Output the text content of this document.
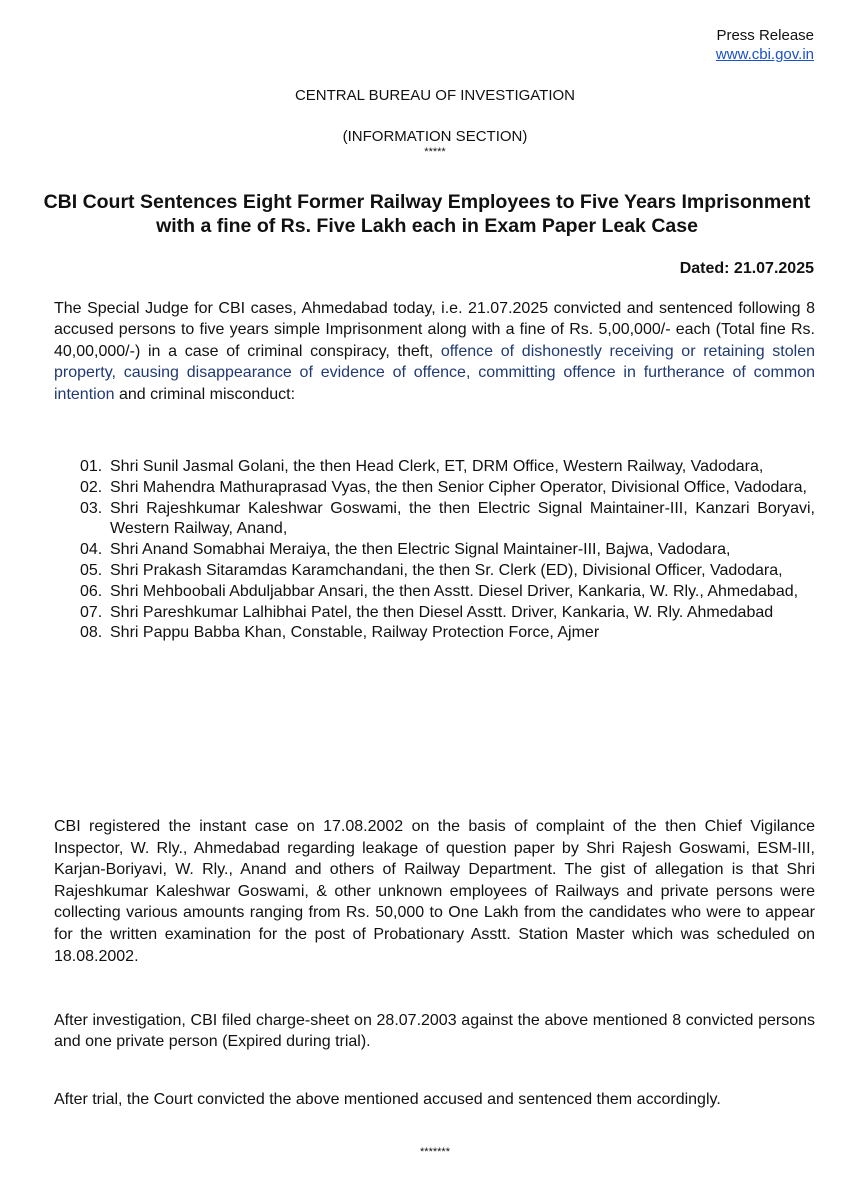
Press Release
www.cbi.gov.in
CENTRAL BUREAU OF INVESTIGATION
(INFORMATION SECTION)
*****
CBI Court Sentences Eight Former Railway Employees to Five Years Imprisonment with a fine of Rs. Five Lakh each in Exam Paper Leak Case
Dated: 21.07.2025
The Special Judge for CBI cases, Ahmedabad today, i.e. 21.07.2025 convicted and sentenced following 8 accused persons to five years simple Imprisonment along with a fine of Rs. 5,00,000/- each (Total fine Rs. 40,00,000/-) in a case of criminal conspiracy, theft, offence of dishonestly receiving or retaining stolen property, causing disappearance of evidence of offence, committing offence in furtherance of common intention and criminal misconduct:
01. Shri Sunil Jasmal Golani, the then Head Clerk, ET, DRM Office, Western Railway, Vadodara,
02. Shri Mahendra Mathuraprasad Vyas, the then Senior Cipher Operator, Divisional Office, Vadodara,
03. Shri Rajeshkumar Kaleshwar Goswami, the then Electric Signal Maintainer-III, Kanzari Boryavi, Western Railway, Anand,
04. Shri Anand Somabhai Meraiya, the then Electric Signal Maintainer-III, Bajwa, Vadodara,
05. Shri Prakash Sitaramdas Karamchandani, the then Sr. Clerk (ED), Divisional Officer, Vadodara,
06. Shri Mehboobali Abduljabbar Ansari, the then Asstt. Diesel Driver, Kankaria, W. Rly., Ahmedabad,
07. Shri Pareshkumar Lalhibhai Patel, the then Diesel Asstt. Driver, Kankaria, W. Rly. Ahmedabad
08. Shri Pappu Babba Khan, Constable, Railway Protection Force, Ajmer
CBI registered the instant case on 17.08.2002 on the basis of complaint of the then Chief Vigilance Inspector, W. Rly., Ahmedabad regarding leakage of question paper by Shri Rajesh Goswami, ESM-III, Karjan-Boriyavi, W. Rly., Anand and others of Railway Department. The gist of allegation is that Shri Rajeshkumar Kaleshwar Goswami, & other unknown employees of Railways and private persons were collecting various amounts ranging from Rs. 50,000 to One Lakh from the candidates who were to appear for the written examination for the post of Probationary Asstt. Station Master which was scheduled on 18.08.2002.
After investigation, CBI filed charge-sheet on 28.07.2003 against the above mentioned 8 convicted persons and one private person (Expired during trial).
After trial, the Court convicted the above mentioned accused and sentenced them accordingly.
*******
